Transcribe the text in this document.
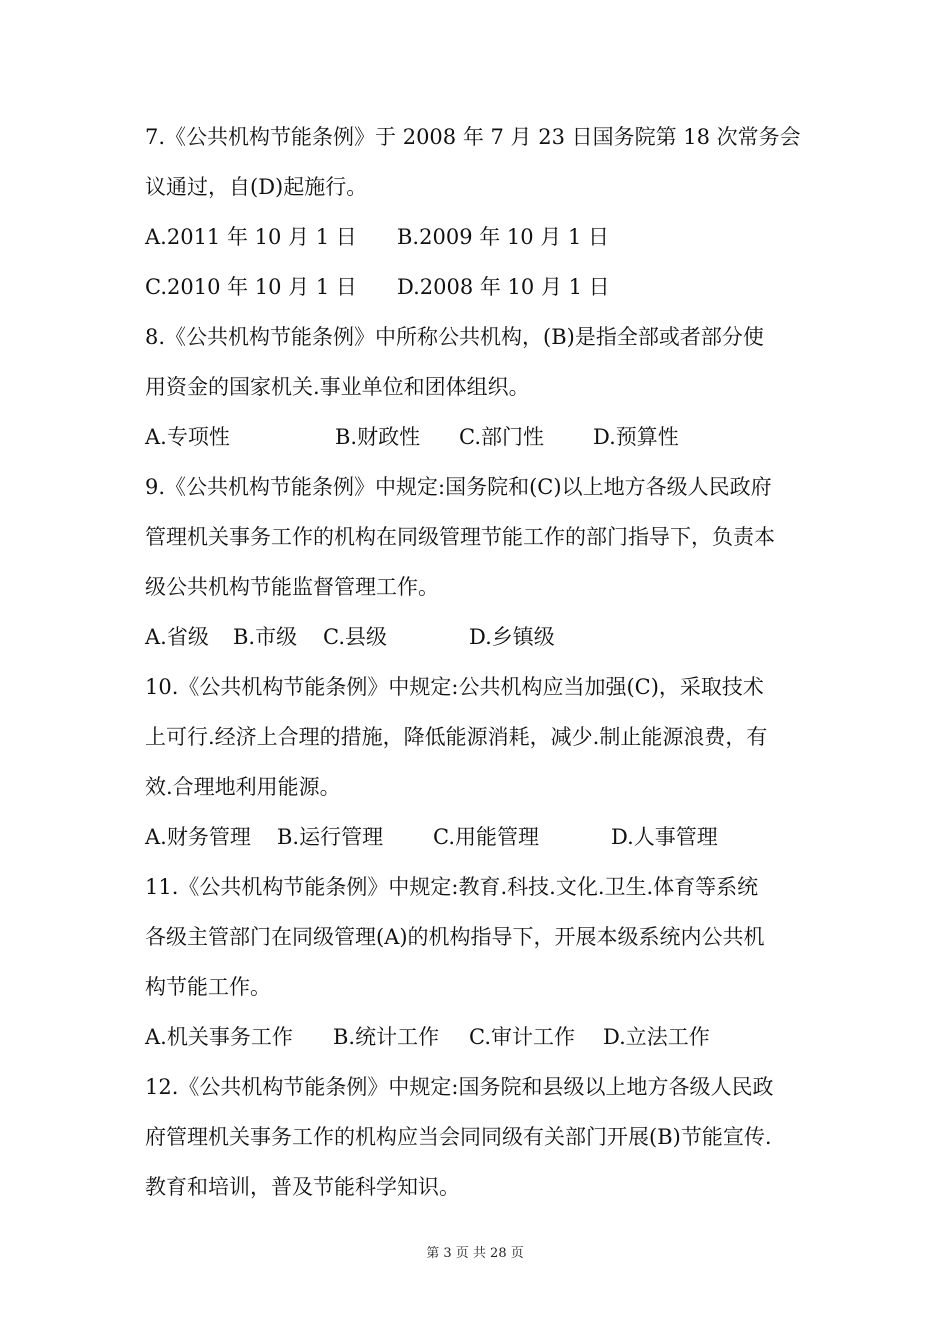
7.《公共机构节能条例》于 2008 年 7 月 23 日国务院第 18 次常务会
议通过，自(D)起施行。
A.2011 年 10 月 1 日	B.2009 年 10 月 1 日
C.2010 年 10 月 1 日	D.2008 年 10 月 1 日
8.《公共机构节能条例》中所称公共机构，(B)是指全部或者部分使
用资金的国家机关.事业单位和团体组织。
A.专项性	B.财政性	C.部门性	D.预算性
9.《公共机构节能条例》中规定:国务院和(C)以上地方各级人民政府
管理机关事务工作的机构在同级管理节能工作的部门指导下，负责本
级公共机构节能监督管理工作。
A.省级	B.市级	C.县级	D.乡镇级
10.《公共机构节能条例》中规定:公共机构应当加强(C)，采取技术
上可行.经济上合理的措施，降低能源消耗，减少.制止能源浪费，有
效.合理地利用能源。
A.财务管理	B.运行管理	C.用能管理	D.人事管理
11.《公共机构节能条例》中规定:教育.科技.文化.卫生.体育等系统
各级主管部门在同级管理(A)的机构指导下，开展本级系统内公共机
构节能工作。
A.机关事务工作	B.统计工作	C.审计工作	D.立法工作
12.《公共机构节能条例》中规定:国务院和县级以上地方各级人民政
府管理机关事务工作的机构应当会同同级有关部门开展(B)节能宣传.
教育和培训，普及节能科学知识。
第 3 页 共 28 页
